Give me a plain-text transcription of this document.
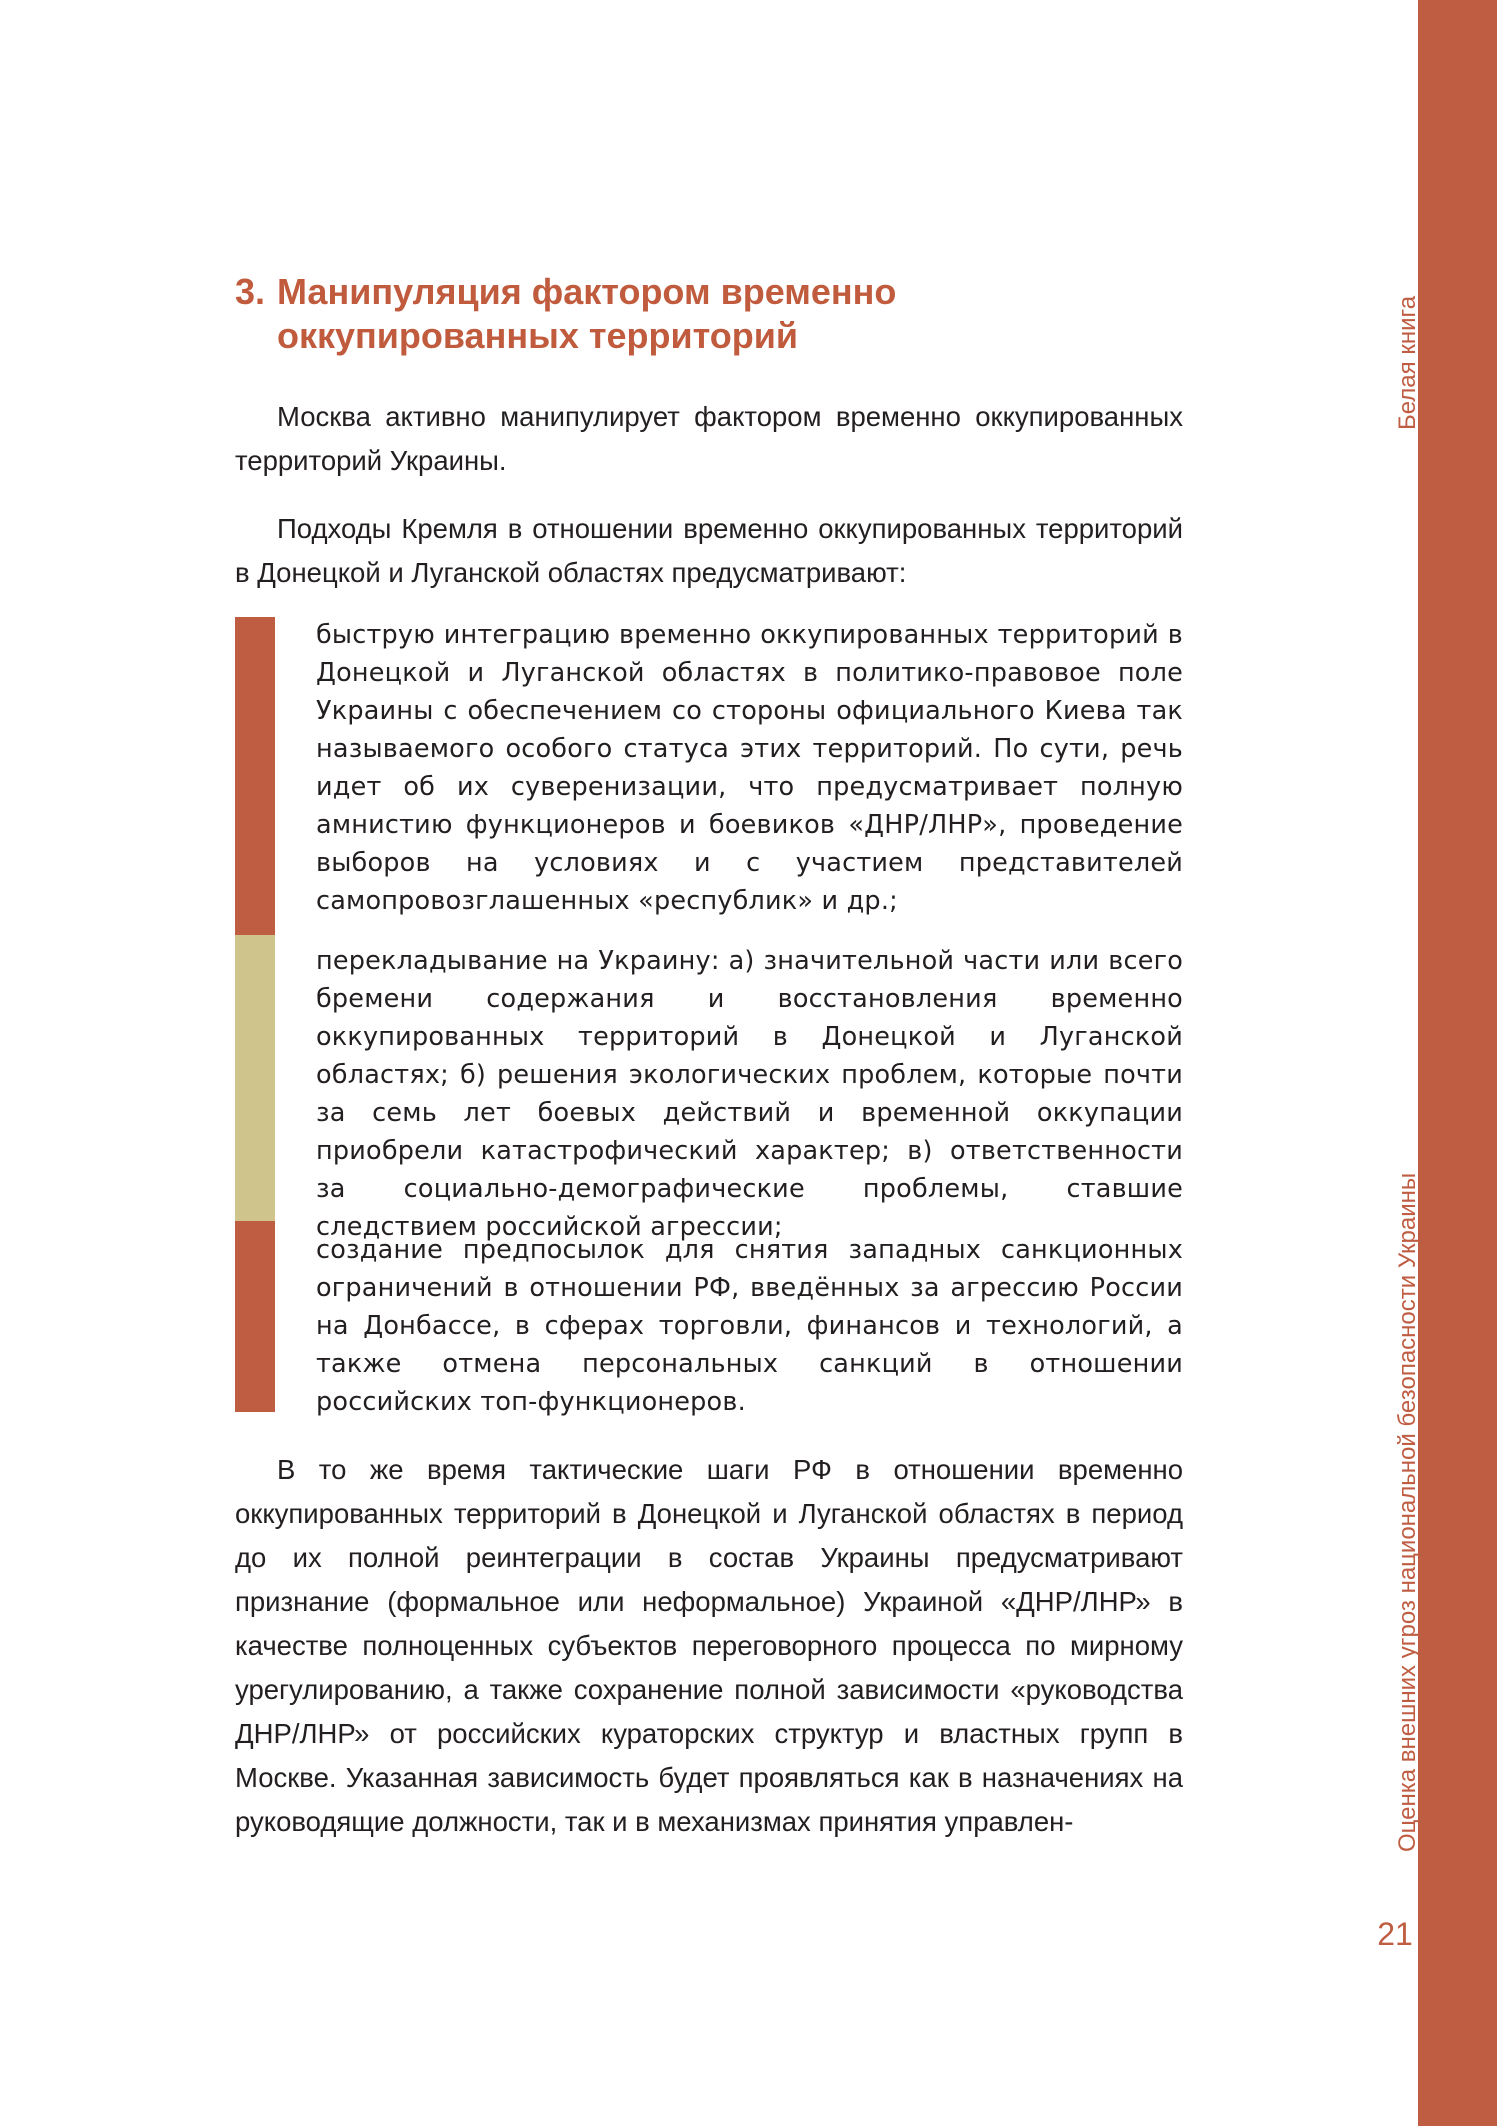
Белая книга
Оценка внешних угроз национальной безопасности Украины
21
3. Манипуляция фактором временно
оккупированных территорий

Москва активно манипулирует фактором временно оккупированных территорий Украины.

Подходы Кремля в отношении временно оккупированных территорий в Донецкой и Луганской областях предусматривают:

быструю интеграцию временно оккупированных территорий в Донецкой и Луганской областях в политико-правовое поле Украины с обеспечением со стороны официального Киева так называемого особого статуса этих территорий. По сути, речь идет об их суверенизации, что предусматривает полную амнистию функционеров и боевиков «ДНР/ЛНР», проведение выборов на условиях и с участием представителей самопровозглашенных «республик» и др.;
перекладывание на Украину: а) значительной части или всего бремени содержания и восстановления временно оккупированных территорий в Донецкой и Луганской областях; б) решения экологических проблем, которые почти за семь лет боевых действий и временной оккупации приобрели катастрофический характер; в) ответственности за социально-демографические проблемы, ставшие следствием российской агрессии;
создание предпосылок для снятия западных санкционных ограничений в отношении РФ, введённых за агрессию России на Донбассе, в сферах торговли, финансов и технологий, а также отмена персональных санкций в отношении российских топ-функционеров.

В то же время тактические шаги РФ в отношении временно оккупированных территорий в Донецкой и Луганской областях в период до их полной реинтеграции в состав Украины предусматривают признание (формальное или неформальное) Украиной «ДНР/ЛНР» в качестве полноценных субъектов переговорного процесса по мирному урегулированию, а также сохранение полной зависимости «руководства ДНР/ЛНР» от российских кураторских структур и властных групп в Москве. Указанная зависимость будет проявляться как в назначениях на руководящие должности, так и в механизмах принятия управлен-
